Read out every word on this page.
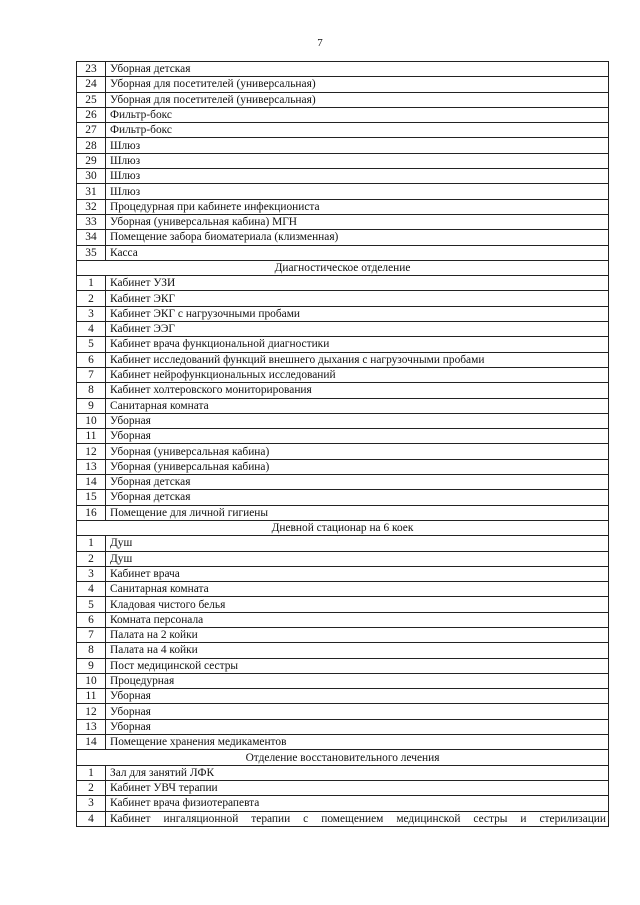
7
23	Уборная детская
24	Уборная для посетителей (универсальная)
25	Уборная для посетителей (универсальная)
26	Фильтр-бокс
27	Фильтр-бокс
28	Шлюз
29	Шлюз
30	Шлюз
31	Шлюз
32	Процедурная при кабинете инфекциониста
33	Уборная (универсальная кабина) МГН
34	Помещение забора биоматериала (клизменная)
35	Касса
Диагностическое отделение	
1	Кабинет УЗИ
2	Кабинет ЭКГ
3	Кабинет ЭКГ с нагрузочными пробами
4	Кабинет ЭЭГ
5	Кабинет врача функциональной диагностики
6	Кабинет исследований функций внешнего дыхания с нагрузочными пробами
7	Кабинет нейрофункциональных исследований
8	Кабинет холтеровского мониторирования
9	Санитарная комната
10	Уборная
11	Уборная
12	Уборная (универсальная кабина)
13	Уборная (универсальная кабина)
14	Уборная детская
15	Уборная детская
16	Помещение для личной гигиены
Дневной стационар на 6 коек	
1	Душ
2	Душ
3	Кабинет врача
4	Санитарная комната
5	Кладовая чистого белья
6	Комната персонала
7	Палата на 2 койки
8	Палата на 4 койки
9	Пост медицинской сестры
10	Процедурная
11	Уборная
12	Уборная
13	Уборная
14	Помещение хранения медикаментов
Отделение восстановительного лечения	
1	Зал для занятий ЛФК
2	Кабинет УВЧ терапии
3	Кабинет врача физиотерапевта
4	Кабинет ингаляционной терапии с помещением медицинской сестры и стерилизации
